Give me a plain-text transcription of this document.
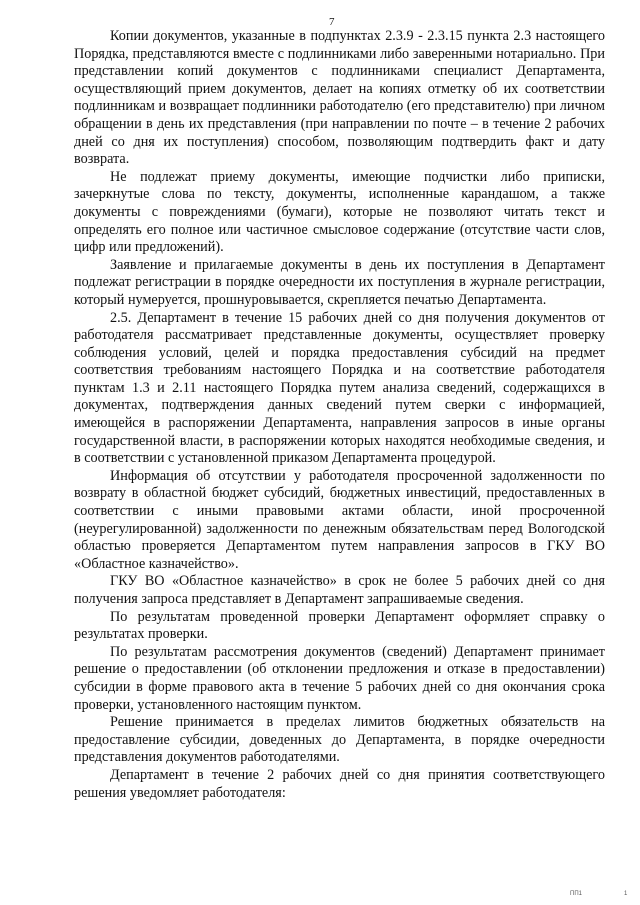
7

Копии документов, указанные в подпунктах 2.3.9 - 2.3.15 пункта 2.3 настоящего Порядка, представляются вместе с подлинниками либо заверенными нотариально. При представлении копий документов с подлинниками специалист Департамента, осуществляющий прием документов, делает на копиях отметку об их соответствии подлинникам и возвращает подлинники работодателю (его представителю) при личном обращении в день их представления (при направлении по почте – в течение 2 рабочих дней со дня их поступления) способом, позволяющим подтвердить факт и дату возврата.

Не подлежат приему документы, имеющие подчистки либо приписки, зачеркнутые слова по тексту, документы, исполненные карандашом, а также документы с повреждениями (бумаги), которые не позволяют читать текст и определять его полное или частичное смысловое содержание (отсутствие части слов, цифр или предложений).

Заявление и прилагаемые документы в день их поступления в Департамент подлежат регистрации в порядке очередности их поступления в журнале регистрации, который нумеруется, прошнуровывается, скрепляется печатью Департамента.

2.5. Департамент в течение 15 рабочих дней со дня получения документов от работодателя рассматривает представленные документы, осуществляет проверку соблюдения условий, целей и порядка предоставления субсидий на предмет соответствия требованиям настоящего Порядка и на соответствие работодателя пунктам 1.3 и 2.11 настоящего Порядка путем анализа сведений, содержащихся в документах, подтверждения данных сведений путем сверки с информацией, имеющейся в распоряжении Департамента, направления запросов в иные органы государственной власти, в распоряжении которых находятся необходимые сведения, и в соответствии с установленной приказом Департамента процедурой.

Информация об отсутствии у работодателя просроченной задолженности по возврату в областной бюджет субсидий, бюджетных инвестиций, предоставленных в соответствии с иными правовыми актами области, иной просроченной (неурегулированной) задолженности по денежным обязательствам перед Вологодской областью проверяется Департаментом путем направления запросов в ГКУ ВО «Областное казначейство».

ГКУ ВО «Областное казначейство» в срок не более 5 рабочих дней со дня получения запроса представляет в Департамент запрашиваемые сведения.

По результатам проведенной проверки Департамент оформляет справку о результатах проверки.

По результатам рассмотрения документов (сведений) Департамент принимает решение о предоставлении (об отклонении предложения и отказе в предоставлении) субсидии в форме правового акта в течение 5 рабочих дней со дня окончания срока проверки, установленного настоящим пунктом.

Решение принимается в пределах лимитов бюджетных обязательств на предоставление субсидии, доведенных до Департамента, в порядке очередности представления документов работодателями.

Департамент в течение 2 рабочих дней со дня принятия соответствующего решения уведомляет работодателя:

ПП1	1
